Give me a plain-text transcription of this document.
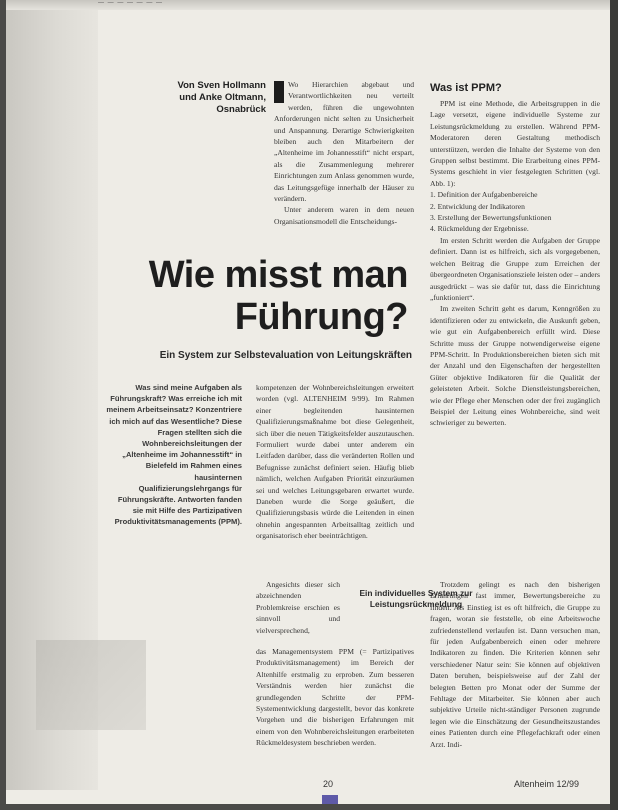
— — — — — — —
Von Sven Hollmann
und Anke Oltmann,
Osnabrück

Wo Hierarchien abgebaut und Verantwortlichkeiten neu verteilt werden, führen die ungewohnten Anforderungen nicht selten zu Unsicherheit und Anspannung. Derartige Schwierigkeiten bleiben auch den Mitarbeitern der „Altenheime im Johannesstift“ nicht erspart, als die Zusammenlegung mehrerer Einrichtungen zum Anlass genommen wurde, das Leitungsgefüge innerhalb der Häuser zu verändern.

Unter anderem waren in dem neuen Organisationsmodell die Entscheidungs-

Was ist PPM?

PPM ist eine Methode, die Arbeitsgruppen in die Lage versetzt, eigene individuelle Systeme zur Leistungsrückmeldung zu erstellen. Während PPM-Moderatoren deren Gestaltung methodisch unterstützen, werden die Inhalte der Systeme von den Gruppen selbst bestimmt. Die Erarbeitung eines PPM-Systems geschieht in vier festgelegten Schritten (vgl. Abb. 1):

1. Definition der Aufgabenbereiche
2. Entwicklung der Indikatoren
3. Erstellung der Bewertungsfunktionen
4. Rückmeldung der Ergebnisse.

Im ersten Schritt werden die Aufgaben der Gruppe definiert. Dann ist es hilfreich, sich als vorgegebenen, welchen Beitrag die Gruppe zum Erreichen der übergeordneten Organisationsziele leisten oder – anders ausgedrückt – was sie dafür tut, dass die Einrichtung „funktioniert“.

Im zweiten Schritt geht es darum, Kenngrößen zu identifizieren oder zu entwickeln, die Auskunft geben, wie gut ein Aufgabenbereich erfüllt wird. Diese Schritte muss der Gruppe notwendigerweise eigene PPM-Schritt. In Produktionsbereichen bieten sich mit der Anzahl und den Eigenschaften der hergestellten Güter objektive Indikatoren für die Qualität der geleisteten Arbeit. Solche Dienstleistungsbereichen, wie der Pflege eher Menschen oder der frei zugänglich Beispiel der Leitung eines Wohnbereiche, sind weit schwieriger zu bewerten.

Wie misst man
Führung?
Ein System zur Selbstevaluation von Leitungskräften
Was sind meine Aufgaben als Führungskraft? Was erreiche ich mit meinem Arbeitseinsatz? Konzentriere ich mich auf das Wesentliche? Diese Fragen stellten sich die Wohnbereichsleitungen der „Altenheime im Johannesstift“ in Bielefeld im Rahmen eines hausinternen Qualifizierungslehrgangs für Führungskräfte. Antworten fanden sie mit Hilfe des Partizipativen Produktivitätsmanagements (PPM).

kompetenzen der Wohnbereichsleitungen erweitert worden (vgl. ALTENHEIM 9/99). Im Rahmen einer begleitenden hausinternen Qualifizierungsmaßnahme bot diese Gelegenheit, sich über die neuen Tätigkeitsfelder auszutauschen. Formuliert wurde dabei unter anderem ein Leitfaden darüber, dass die veränderten Rollen und Befugnisse zunächst definiert seien. Häufig blieb nämlich, welchen Aufgaben Priorität einzuräumen sei und welches Leitungsgebaren erwartet wurde. Daneben wurde die Sorge geäußert, die Qualifizierungsbasis würde die Leitenden in einen ohnehin angespannten Arbeitsalltag zeitlich und organisatorisch eher beeinträchtigen.

Angesichts dieser sich abzeichnenden Problemkreise erschien es sinnvoll und vielversprechend,

das Managementsystem PPM (= Partizipatives Produktivitätsmanagement) im Bereich der Altenhilfe erstmalig zu erproben. Zum besseren Verständnis werden hier zunächst die grundlegenden Schritte der PPM-Systementwicklung dargestellt, bevor das konkrete Vorgehen und die bisherigen Erfahrungen mit einem von den Wohnbereichsleitungen erarbeiteten Rückmeldesystem beschrieben werden.

Ein individuelles System zur
Leistungsrückmeldung

Trotzdem gelingt es nach den bisherigen Erfahrungen fast immer, Bewertungsbereiche zu finden. Als Einstieg ist es oft hilfreich, die Gruppe zu fragen, woran sie feststelle, ob eine Arbeitswoche zufriedenstellend verlaufen ist. Dann versuchen man, für jeden Aufgabenbereich einen oder mehrere Indikatoren zu finden. Die Kriterien können sehr verschiedener Natur sein: Sie können auf objektiven Daten beruhen, beispielsweise auf der Zahl der belegten Betten pro Monat oder der Summe der Fehltage der Mitarbeiter. Sie können aber auch subjektive Urteile nicht-ständiger Personen zugrunde legen wie die Einschätzung der Gesundheitszustandes eines Patienten durch eine Pflegefachkraft oder einen Arzt. Indi-

20	Altenheim 12/99
